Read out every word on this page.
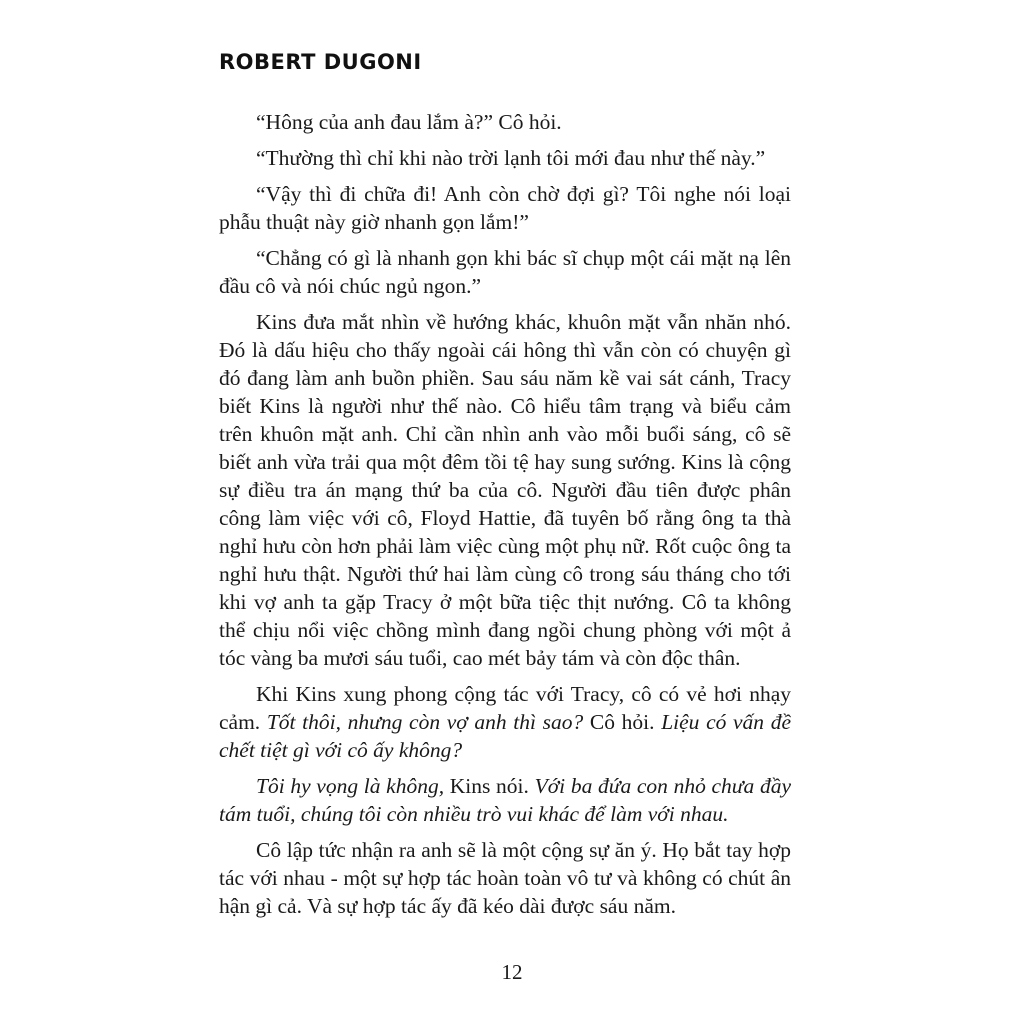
ROBERT DUGONI

“Hông của anh đau lắm à?” Cô hỏi.

“Thường thì chỉ khi nào trời lạnh tôi mới đau như thế này.”

“Vậy thì đi chữa đi! Anh còn chờ đợi gì? Tôi nghe nói loại phẫu thuật này giờ nhanh gọn lắm!”

“Chẳng có gì là nhanh gọn khi bác sĩ chụp một cái mặt nạ lên đầu cô và nói chúc ngủ ngon.”

Kins đưa mắt nhìn về hướng khác, khuôn mặt vẫn nhăn nhó. Đó là dấu hiệu cho thấy ngoài cái hông thì vẫn còn có chuyện gì đó đang làm anh buồn phiền. Sau sáu năm kề vai sát cánh, Tracy biết Kins là người như thế nào. Cô hiểu tâm trạng và biểu cảm trên khuôn mặt anh. Chỉ cần nhìn anh vào mỗi buổi sáng, cô sẽ biết anh vừa trải qua một đêm tồi tệ hay sung sướng. Kins là cộng sự điều tra án mạng thứ ba của cô. Người đầu tiên được phân công làm việc với cô, Floyd Hattie, đã tuyên bố rằng ông ta thà nghỉ hưu còn hơn phải làm việc cùng một phụ nữ. Rốt cuộc ông ta nghỉ hưu thật. Người thứ hai làm cùng cô trong sáu tháng cho tới khi vợ anh ta gặp Tracy ở một bữa tiệc thịt nướng. Cô ta không thể chịu nổi việc chồng mình đang ngồi chung phòng với một ả tóc vàng ba mươi sáu tuổi, cao mét bảy tám và còn độc thân.

Khi Kins xung phong cộng tác với Tracy, cô có vẻ hơi nhạy cảm. Tốt thôi, nhưng còn vợ anh thì sao? Cô hỏi. Liệu có vấn đề chết tiệt gì với cô ấy không?

Tôi hy vọng là không, Kins nói. Với ba đứa con nhỏ chưa đầy tám tuổi, chúng tôi còn nhiều trò vui khác để làm với nhau.

Cô lập tức nhận ra anh sẽ là một cộng sự ăn ý. Họ bắt tay hợp tác với nhau - một sự hợp tác hoàn toàn vô tư và không có chút ân hận gì cả. Và sự hợp tác ấy đã kéo dài được sáu năm.

12
